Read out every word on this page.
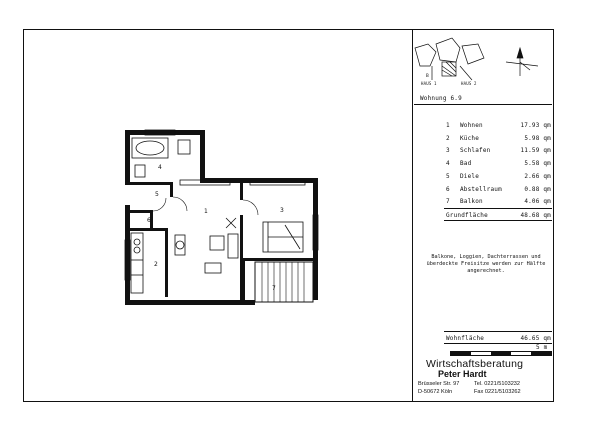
1
2
3
4
5
6
7
B
HAUS 1	HAUS 2
Wohnung 6.9
1 Wohnen	17.93 qm
2 Küche	5.98 qm
3 Schlafen	11.59 qm
4 Bad	5.58 qm
5 Diele	2.66 qm
6 Abstellraum	0.88 qm
7 Balkon	4.06 qm
Grundfläche	48.68 qm
Balkone, Loggien, Dachterrassen und überdeckte Freisitze werden zur Hälfte angerechnet.
Wohnfläche	46.65 qm
5 m
Wirtschaftsberatung
Peter Hardt
Brüsseler Str. 97
D-50672 Köln
Tel. 0221/5103232
Fax 0221/5103262
